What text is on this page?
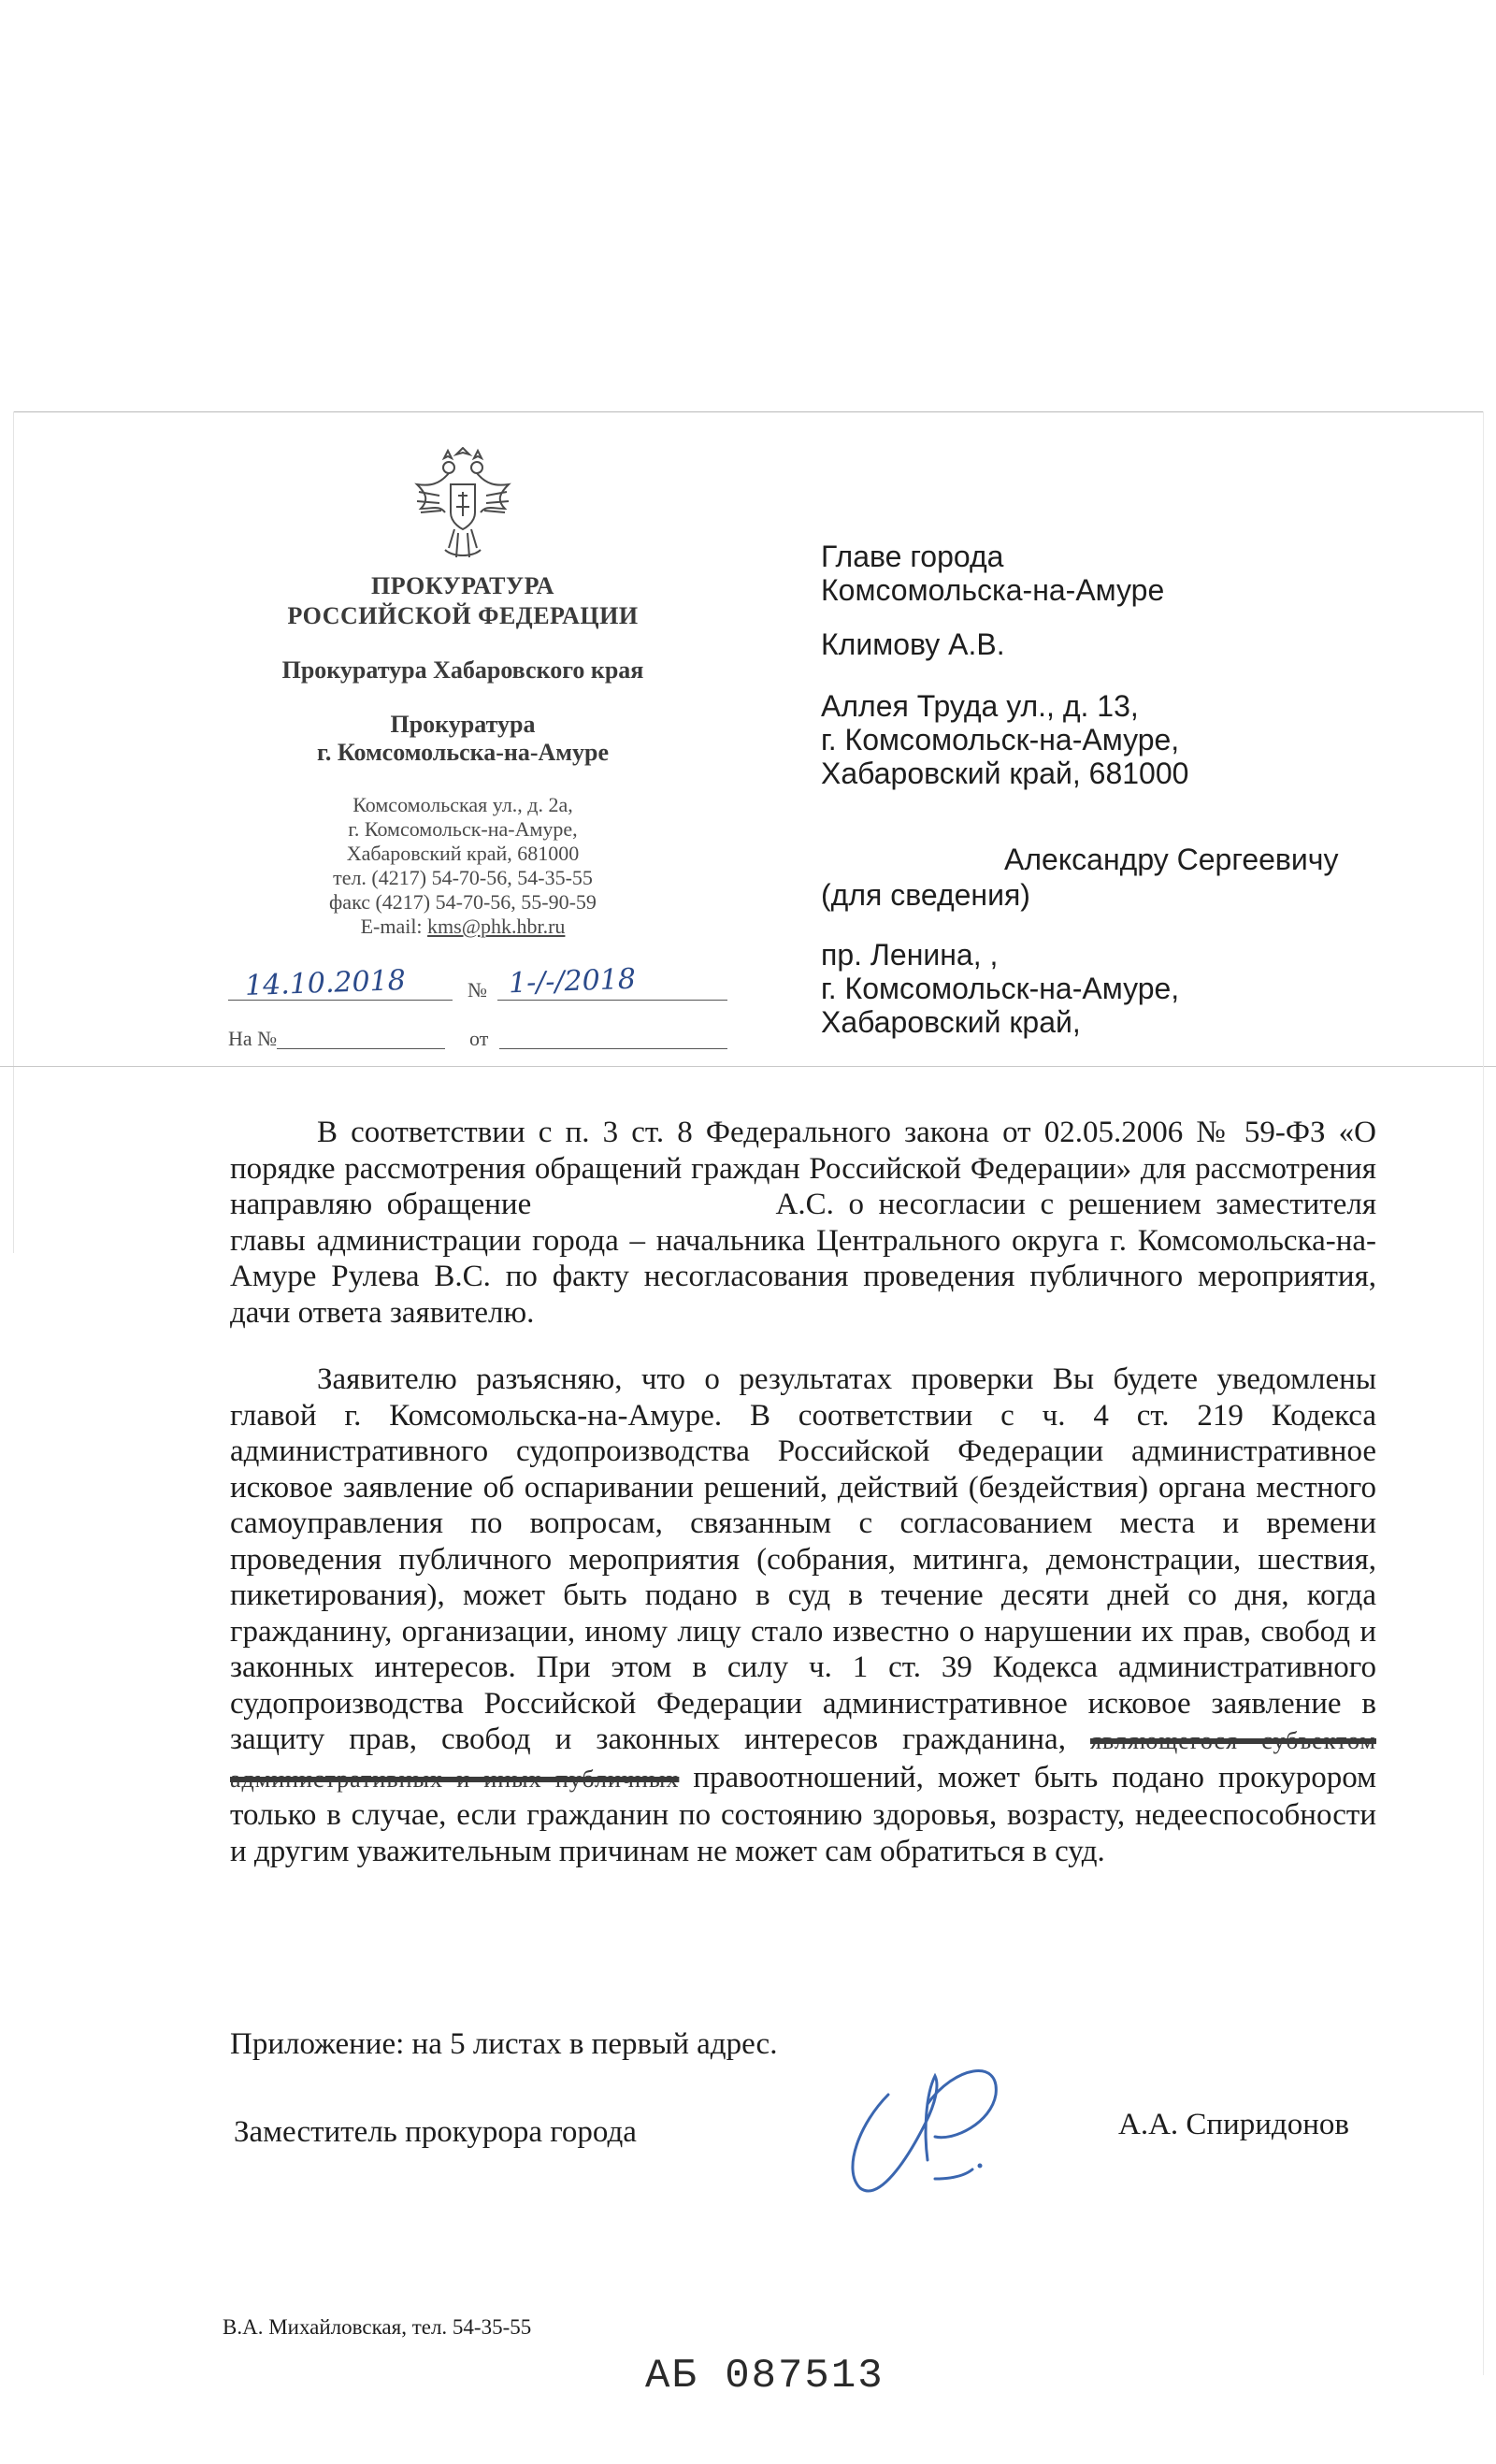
ПРОКУРАТУРА
РОССИЙСКОЙ ФЕДЕРАЦИИ
Прокуратура Хабаровского края
Прокуратура
г. Комсомольска-на-Амуре
Комсомольская ул., д. 2а,
г. Комсомольск-на-Амуре,
Хабаровский край, 681000
тел. (4217) 54-70-56, 54-35-55
факс (4217) 54-70-56, 55-90-59
E-mail: kms@phk.hbr.ru
14.10.2018	№ 1-/-/2018
На №	от
Главе города
Комсомольска-на-Амуре
Климову А.В.
Аллея Труда ул., д. 13,
г. Комсомольск-на-Амуре,
Хабаровский край, 681000
Александру Сергеевичу
(для сведения)
пр. Ленина, ,
г. Комсомольск-на-Амуре,
Хабаровский край,
В соответствии с п. 3 ст. 8 Федерального закона от 02.05.2006 № 59-ФЗ «О порядке рассмотрения обращений граждан Российской Федерации» для рассмотрения направляю обращение	А.С. о несогласии с решением заместителя главы администрации города – начальника Центрального округа г. Комсомольска-на-Амуре Рулева В.С. по факту несогласования проведения публичного мероприятия, дачи ответа заявителю.
Заявителю разъясняю, что о результатах проверки Вы будете уведомлены главой г. Комсомольска-на-Амуре. В соответствии с ч. 4 ст. 219 Кодекса административного судопроизводства Российской Федерации административное исковое заявление об оспаривании решений, действий (бездействия) органа местного самоуправления по вопросам, связанным с согласованием места и времени проведения публичного мероприятия (собрания, митинга, демонстрации, шествия, пикетирования), может быть подано в суд в течение десяти дней со дня, когда гражданину, организации, иному лицу стало известно о нарушении их прав, свобод и законных интересов. При этом в силу ч. 1 ст. 39 Кодекса административного судопроизводства Российской Федерации административное исковое заявление в защиту прав, свобод и законных интересов гражданина, являющегося субъектом административных и иных публичных правоотношений, может быть подано прокурором только в случае, если гражданин по состоянию здоровья, возрасту, недееспособности и другим уважительным причинам не может сам обратиться в суд.
Приложение: на 5 листах в первый адрес.
Заместитель прокурора города	А.А. Спиридонов
В.А. Михайловская, тел. 54-35-55
АБ 087513
